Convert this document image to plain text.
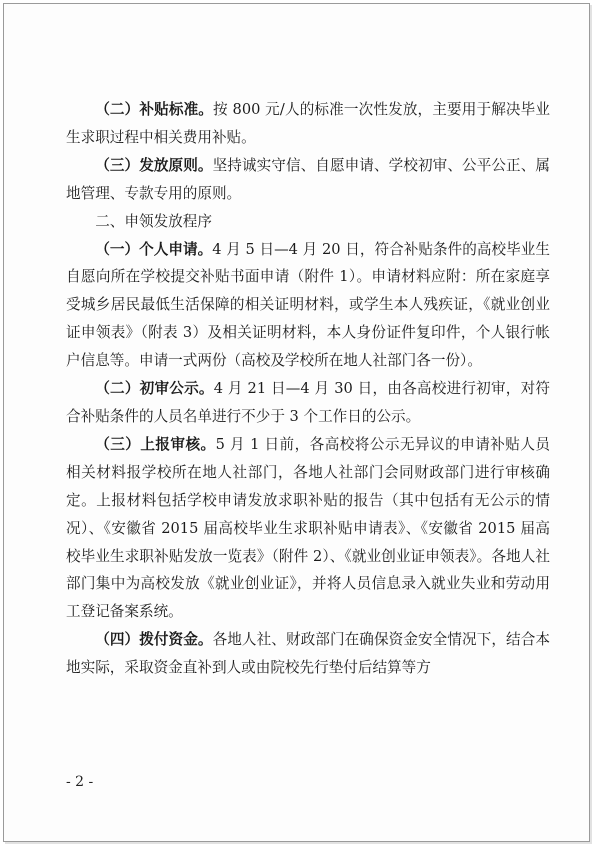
（二）补贴标准。按 800 元/人的标准一次性发放，主要用于解决毕业生求职过程中相关费用补贴。

（三）发放原则。坚持诚实守信、自愿申请、学校初审、公平公正、属地管理、专款专用的原则。

二、申领发放程序

（一）个人申请。4 月 5 日—4 月 20 日，符合补贴条件的高校毕业生自愿向所在学校提交补贴书面申请（附件 1）。申请材料应附：所在家庭享受城乡居民最低生活保障的相关证明材料，或学生本人残疾证，《就业创业证申领表》（附表 3）及相关证明材料，本人身份证件复印件，个人银行帐户信息等。申请一式两份（高校及学校所在地人社部门各一份）。

（二）初审公示。4 月 21 日—4 月 30 日，由各高校进行初审，对符合补贴条件的人员名单进行不少于 3 个工作日的公示。

（三）上报审核。5 月 1 日前，各高校将公示无异议的申请补贴人员相关材料报学校所在地人社部门，各地人社部门会同财政部门进行审核确定。上报材料包括学校申请发放求职补贴的报告（其中包括有无公示的情况）、《安徽省 2015 届高校毕业生求职补贴申请表》、《安徽省 2015 届高校毕业生求职补贴发放一览表》（附件 2）、《就业创业证申领表》。各地人社部门集中为高校发放《就业创业证》，并将人员信息录入就业失业和劳动用工登记备案系统。

（四）拨付资金。各地人社、财政部门在确保资金安全情况下，结合本地实际，采取资金直补到人或由院校先行垫付后结算等方

- 2 -
